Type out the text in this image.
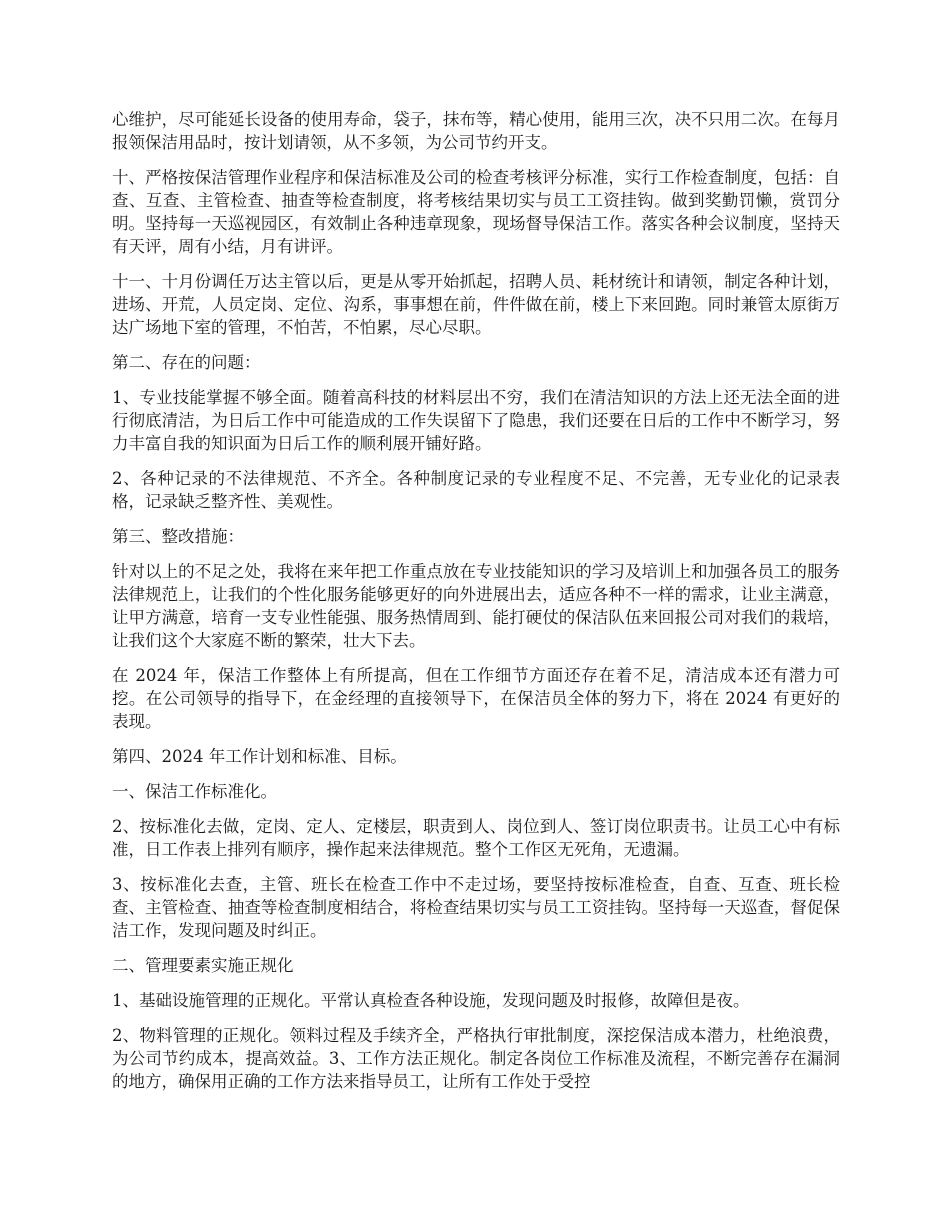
心维护，尽可能延长设备的使用寿命，袋子，抹布等，精心使用，能用三次，决不只用二次。在每月报领保洁用品时，按计划请领，从不多领，为公司节约开支。

十、严格按保洁管理作业程序和保洁标准及公司的检查考核评分标准，实行工作检查制度，包括：自查、互查、主管检查、抽查等检查制度，将考核结果切实与员工工资挂钩。做到奖勤罚懒，赏罚分明。坚持每一天巡视园区，有效制止各种违章现象，现场督导保洁工作。落实各种会议制度，坚持天有天评，周有小结，月有讲评。

十一、十月份调任万达主管以后，更是从零开始抓起，招聘人员、耗材统计和请领，制定各种计划，进场、开荒，人员定岗、定位、沟系，事事想在前，件件做在前，楼上下来回跑。同时兼管太原街万达广场地下室的管理，不怕苦，不怕累，尽心尽职。

第二、存在的问题：

1、专业技能掌握不够全面。随着高科技的材料层出不穷，我们在清洁知识的方法上还无法全面的进行彻底清洁，为日后工作中可能造成的工作失误留下了隐患，我们还要在日后的工作中不断学习，努力丰富自我的知识面为日后工作的顺利展开铺好路。

2、各种记录的不法律规范、不齐全。各种制度记录的专业程度不足、不完善，无专业化的记录表格，记录缺乏整齐性、美观性。

第三、整改措施：

针对以上的不足之处，我将在来年把工作重点放在专业技能知识的学习及培训上和加强各员工的服务法律规范上，让我们的个性化服务能够更好的向外进展出去，适应各种不一样的需求，让业主满意，让甲方满意，培育一支专业性能强、服务热情周到、能打硬仗的保洁队伍来回报公司对我们的栽培，让我们这个大家庭不断的繁荣，壮大下去。

在 2024 年，保洁工作整体上有所提高，但在工作细节方面还存在着不足，清洁成本还有潜力可挖。在公司领导的指导下，在金经理的直接领导下，在保洁员全体的努力下，将在 2024 有更好的表现。

第四、2024 年工作计划和标准、目标。

一、保洁工作标准化。

2、按标准化去做，定岗、定人、定楼层，职责到人、岗位到人、签订岗位职责书。让员工心中有标准，日工作表上排列有顺序，操作起来法律规范。整个工作区无死角，无遗漏。

3、按标准化去查，主管、班长在检查工作中不走过场，要坚持按标准检查，自查、互查、班长检查、主管检查、抽查等检查制度相结合，将检查结果切实与员工工资挂钩。坚持每一天巡查，督促保洁工作，发现问题及时纠正。

二、管理要素实施正规化

1、基础设施管理的正规化。平常认真检查各种设施，发现问题及时报修，故障但是夜。

2、物料管理的正规化。领料过程及手续齐全，严格执行审批制度，深挖保洁成本潜力，杜绝浪费，为公司节约成本，提高效益。3、工作方法正规化。制定各岗位工作标准及流程，不断完善存在漏洞的地方，确保用正确的工作方法来指导员工，让所有工作处于受控
